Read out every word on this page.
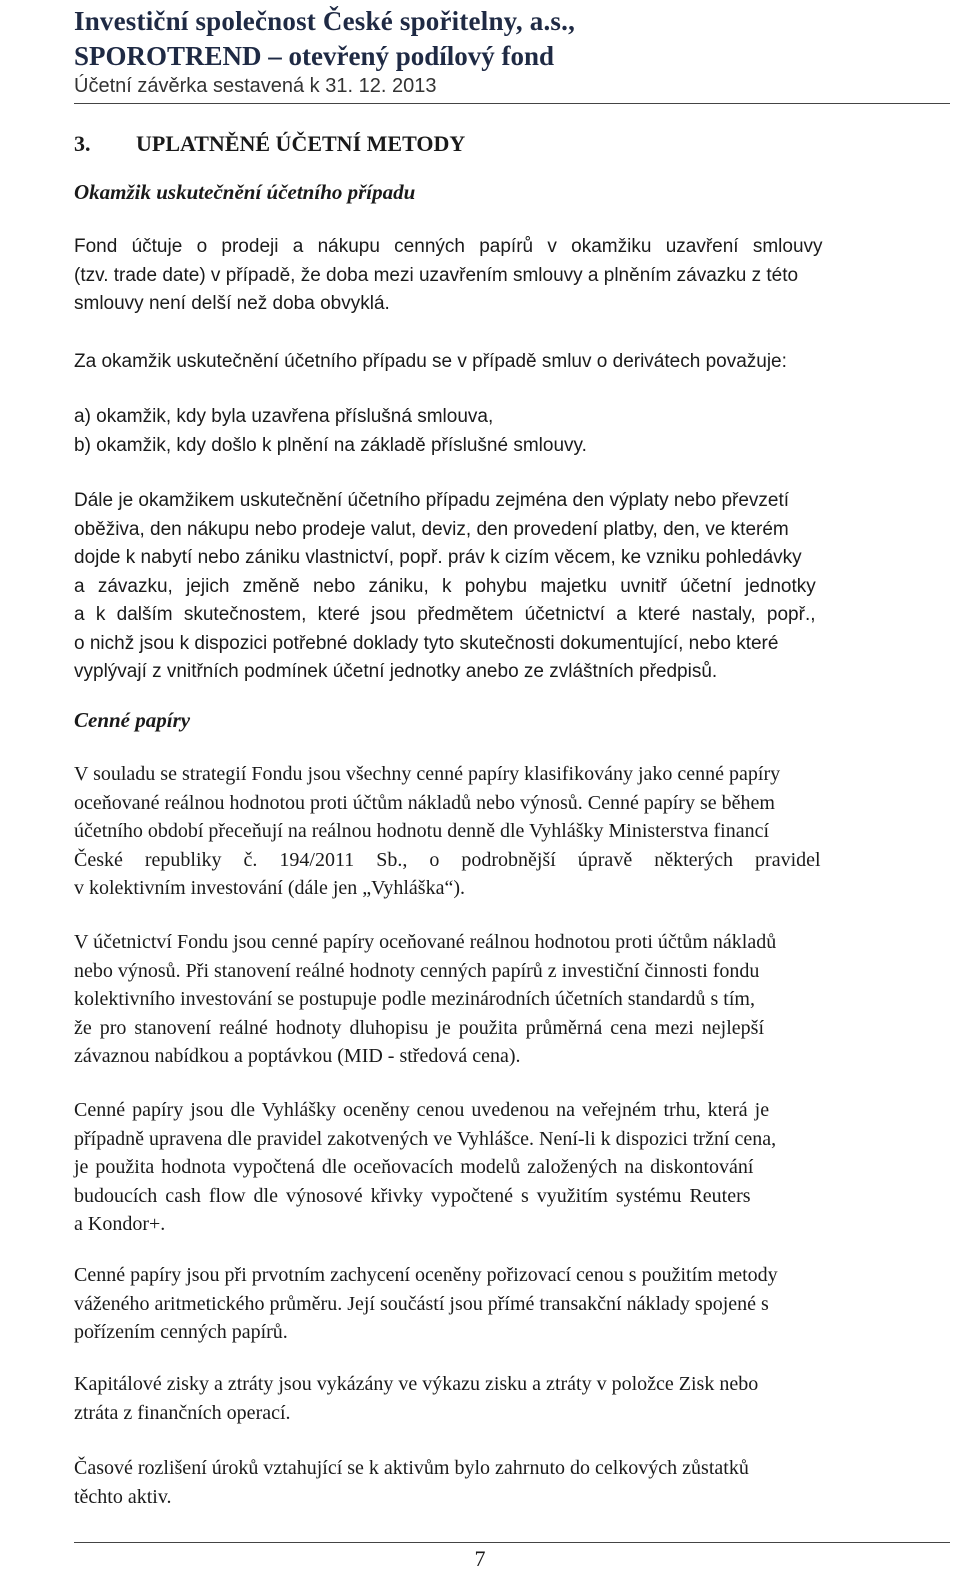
Investiční společnost České spořitelny, a.s.,
SPOROTREND – otevřený podílový fond
Účetní závěrka sestavená k 31. 12. 2013
3. UPLATNĚNÉ ÚČETNÍ METODY
Okamžik uskutečnění účetního případu
Fond účtuje o prodeji a nákupu cenných papírů v okamžiku uzavření smlouvy
(tzv. trade date) v případě, že doba mezi uzavřením smlouvy a plněním závazku z této
smlouvy není delší než doba obvyklá.
Za okamžik uskutečnění účetního případu se v případě smluv o derivátech považuje:
a) okamžik, kdy byla uzavřena příslušná smlouva,
b) okamžik, kdy došlo k plnění na základě příslušné smlouvy.
Dále je okamžikem uskutečnění účetního případu zejména den výplaty nebo převzetí
oběživa, den nákupu nebo prodeje valut, deviz, den provedení platby, den, ve kterém
dojde k nabytí nebo zániku vlastnictví, popř. práv k cizím věcem, ke vzniku pohledávky
a závazku, jejich změně nebo zániku, k pohybu majetku uvnitř účetní jednotky
a k dalším skutečnostem, které jsou předmětem účetnictví a které nastaly, popř.,
o nichž jsou k dispozici potřebné doklady tyto skutečnosti dokumentující, nebo které
vyplývají z vnitřních podmínek účetní jednotky anebo ze zvláštních předpisů.
Cenné papíry
V souladu se strategií Fondu jsou všechny cenné papíry klasifikovány jako cenné papíry
oceňované reálnou hodnotou proti účtům nákladů nebo výnosů. Cenné papíry se během
účetního období přeceňují na reálnou hodnotu denně dle Vyhlášky Ministerstva financí
České republiky č. 194/2011 Sb., o podrobnější úpravě některých pravidel
v kolektivním investování (dále jen „Vyhláška“).
V účetnictví Fondu jsou cenné papíry oceňované reálnou hodnotou proti účtům nákladů
nebo výnosů. Při stanovení reálné hodnoty cenných papírů z investiční činnosti fondu
kolektivního investování se postupuje podle mezinárodních účetních standardů s tím,
že pro stanovení reálné hodnoty dluhopisu je použita průměrná cena mezi nejlepší
závaznou nabídkou a poptávkou (MID - středová cena).
Cenné papíry jsou dle Vyhlášky oceněny cenou uvedenou na veřejném trhu, která je
případně upravena dle pravidel zakotvených ve Vyhlášce. Není-li k dispozici tržní cena,
je použita hodnota vypočtená dle oceňovacích modelů založených na diskontování
budoucích cash flow dle výnosové křivky vypočtené s využitím systému Reuters
a Kondor+.
Cenné papíry jsou při prvotním zachycení oceněny pořizovací cenou s použitím metody
váženého aritmetického průměru. Její součástí jsou přímé transakční náklady spojené s
pořízením cenných papírů.
Kapitálové zisky a ztráty jsou vykázány ve výkazu zisku a ztráty v položce Zisk nebo
ztráta z finančních operací.
Časové rozlišení úroků vztahující se k aktivům bylo zahrnuto do celkových zůstatků
těchto aktiv.
7
